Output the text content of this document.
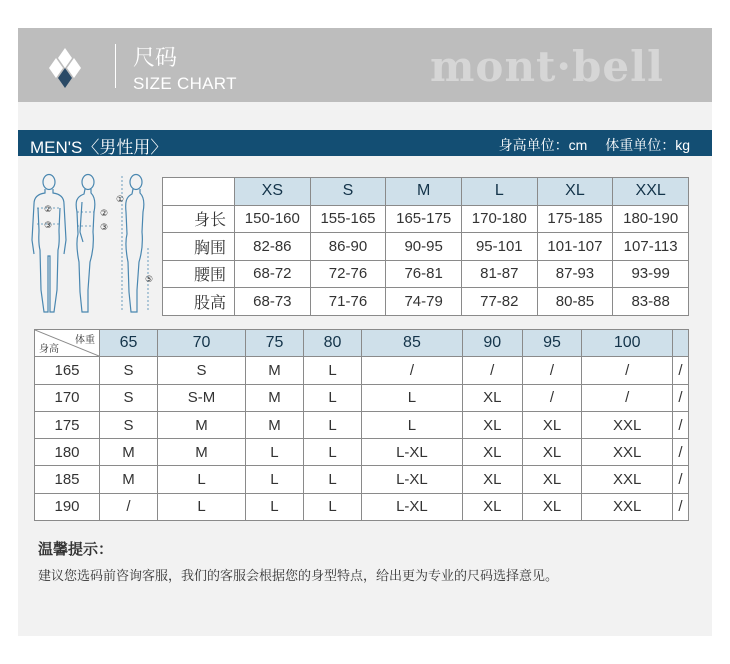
尺码
SIZE CHART	mont·bell
MEN'S〈男性用〉	身高单位：cm 体重单位：kg
①
②
③
②
③
⑤
	XS	S	M	L	XL	XXL
身长	150-160	155-165	165-175	170-180	175-185	180-190
胸围	82-86	86-90	90-95	95-101	101-107	107-113
腰围	68-72	72-76	76-81	81-87	87-93	93-99
股高	68-73	71-76	74-79	77-82	80-85	83-88
体重
身高	65	70	75	80	85	90	95	100	
165	S	S	M	L	/	/	/	/	/
170	S	S-M	M	L	L	XL	/	/	/
175	S	M	M	L	L	XL	XL	XXL	/
180	M	M	L	L	L-XL	XL	XL	XXL	/
185	M	L	L	L	L-XL	XL	XL	XXL	/
190	/	L	L	L	L-XL	XL	XL	XXL	/
温馨提示：
建议您选码前咨询客服，我们的客服会根据您的身型特点，给出更为专业的尺码选择意见。
